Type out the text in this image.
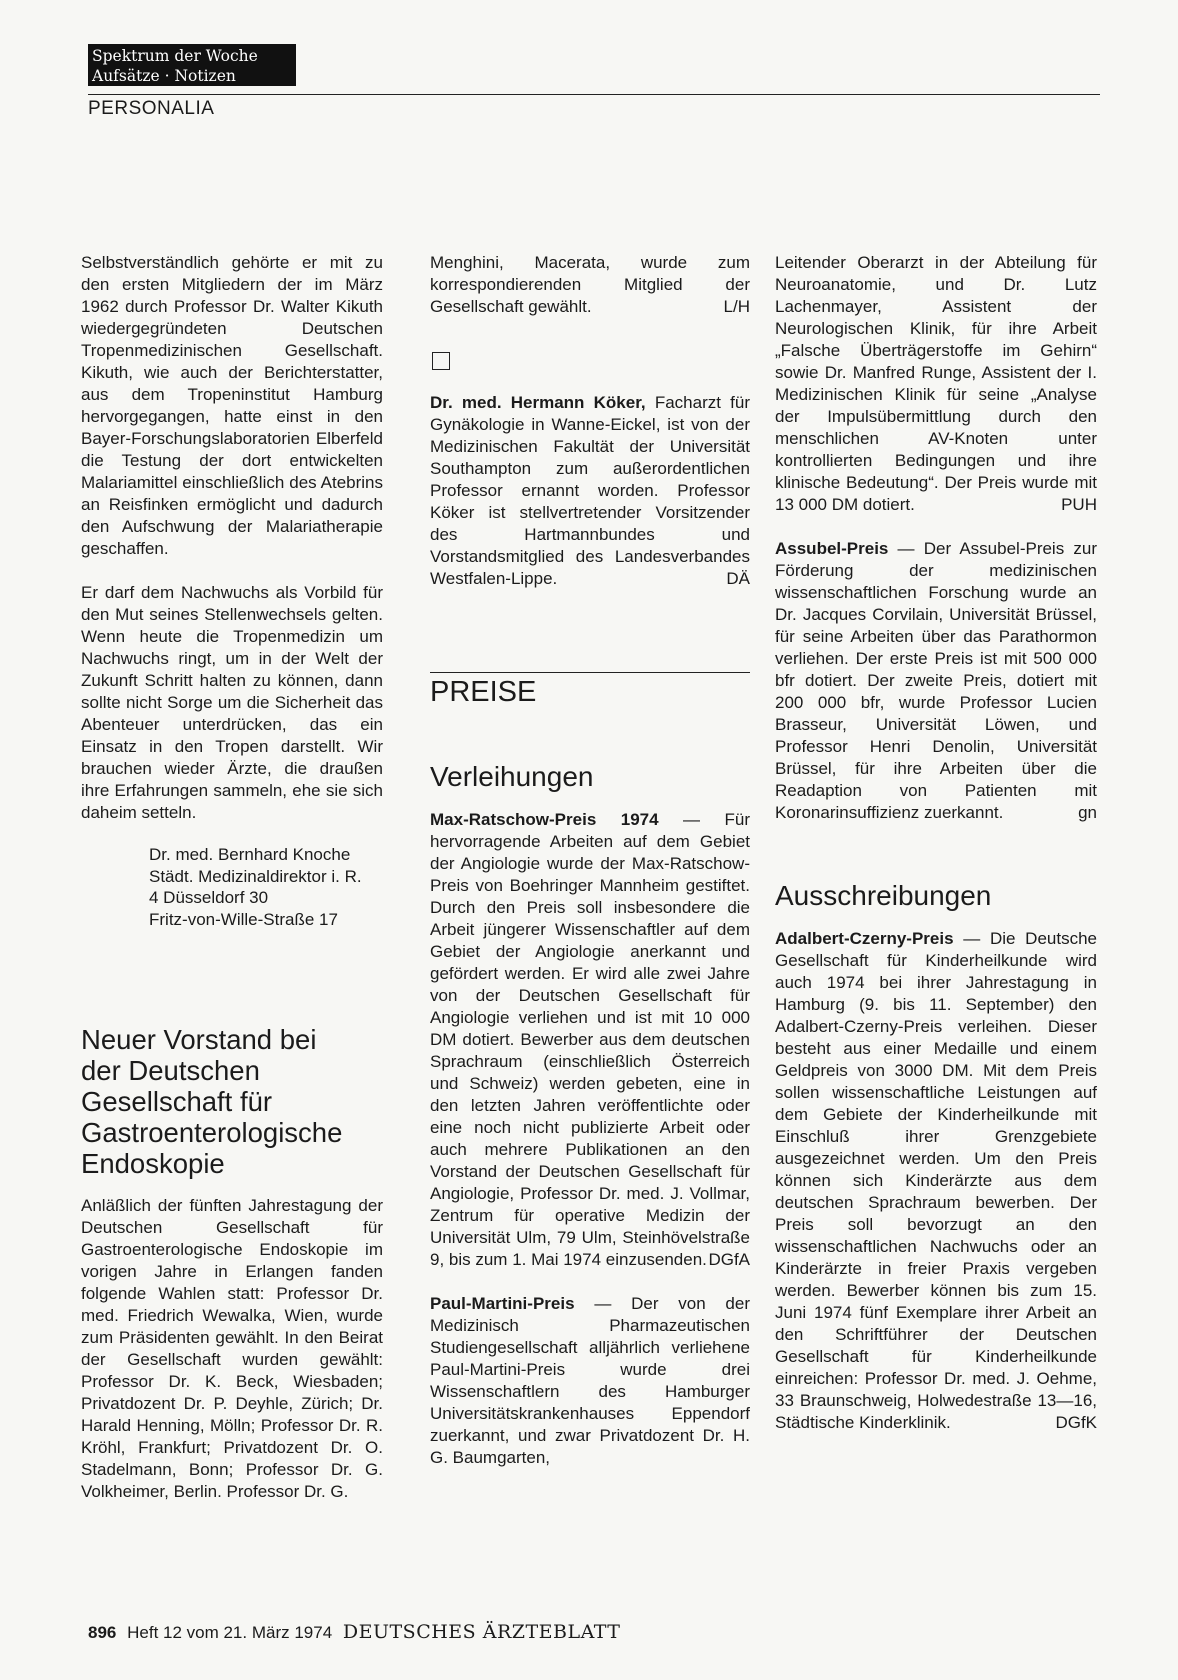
Spektrum der Woche
Aufsätze · Notizen
PERSONALIA

Selbstverständlich gehörte er mit zu den ersten Mitgliedern der im März 1962 durch Professor Dr. Walter Kikuth wiedergegründeten Deutschen Tropenmedizinischen Gesellschaft. Kikuth, wie auch der Berichterstatter, aus dem Tropeninstitut Hamburg hervorgegangen, hatte einst in den Bayer-Forschungslaboratorien Elberfeld die Testung der dort entwickelten Malariamittel einschließlich des Atebrins an Reisfinken ermöglicht und dadurch den Aufschwung der Malariatherapie geschaffen.

Er darf dem Nachwuchs als Vorbild für den Mut seines Stellenwechsels gelten. Wenn heute die Tropenmedizin um Nachwuchs ringt, um in der Welt der Zukunft Schritt halten zu können, dann sollte nicht Sorge um die Sicherheit das Abenteuer unterdrücken, das ein Einsatz in den Tropen darstellt. Wir brauchen wieder Ärzte, die draußen ihre Erfahrungen sammeln, ehe sie sich daheim setteln.

Dr. med. Bernhard Knoche
Städt. Medizinaldirektor i. R.
4 Düsseldorf 30
Fritz-von-Wille-Straße 17
Neuer Vorstand bei
der Deutschen
Gesellschaft für
Gastroenterologische
Endoskopie

Anläßlich der fünften Jahrestagung der Deutschen Gesellschaft für Gastroenterologische Endoskopie im vorigen Jahre in Erlangen fanden folgende Wahlen statt: Professor Dr. med. Friedrich Wewalka, Wien, wurde zum Präsidenten gewählt. In den Beirat der Gesellschaft wurden gewählt: Professor Dr. K. Beck, Wiesbaden; Privatdozent Dr. P. Deyhle, Zürich; Dr. Harald Henning, Mölln; Professor Dr. R. Kröhl, Frankfurt; Privatdozent Dr. O. Stadelmann, Bonn; Professor Dr. G. Volkheimer, Berlin. Professor Dr. G.

Menghini, Macerata, wurde zum korrespondierenden Mitglied der Gesellschaft gewählt.	L/H

Dr. med. Hermann Köker, Facharzt für Gynäkologie in Wanne-Eickel, ist von der Medizinischen Fakultät der Universität Southampton zum außerordentlichen Professor ernannt worden. Professor Köker ist stellvertretender Vorsitzender des Hartmannbundes und Vorstandsmitglied des Landesverbandes Westfalen-Lippe.	DÄ

PREISE
Verleihungen

Max-Ratschow-Preis 1974 — Für hervorragende Arbeiten auf dem Gebiet der Angiologie wurde der Max-Ratschow-Preis von Boehringer Mannheim gestiftet. Durch den Preis soll insbesondere die Arbeit jüngerer Wissenschaftler auf dem Gebiet der Angiologie anerkannt und gefördert werden. Er wird alle zwei Jahre von der Deutschen Gesellschaft für Angiologie verliehen und ist mit 10 000 DM dotiert. Bewerber aus dem deutschen Sprachraum (einschließlich Österreich und Schweiz) werden gebeten, eine in den letzten Jahren veröffentlichte oder eine noch nicht publizierte Arbeit oder auch mehrere Publikationen an den Vorstand der Deutschen Gesellschaft für Angiologie, Professor Dr. med. J. Vollmar, Zentrum für operative Medizin der Universität Ulm, 79 Ulm, Steinhövelstraße 9, bis zum 1. Mai 1974 einzusenden. DGfA

Paul-Martini-Preis — Der von der Medizinisch Pharmazeutischen Studiengesellschaft alljährlich verliehene Paul-Martini-Preis wurde drei Wissenschaftlern des Hamburger Universitätskrankenhauses Eppendorf zuerkannt, und zwar Privatdozent Dr. H. G. Baumgarten,

Leitender Oberarzt in der Abteilung für Neuroanatomie, und Dr. Lutz Lachenmayer, Assistent der Neurologischen Klinik, für ihre Arbeit „Falsche Überträgerstoffe im Gehirn“ sowie Dr. Manfred Runge, Assistent der I. Medizinischen Klinik für seine „Analyse der Impulsübermittlung durch den menschlichen AV-Knoten unter kontrollierten Bedingungen und ihre klinische Bedeutung“. Der Preis wurde mit 13 000 DM dotiert.	PUH

Assubel-Preis — Der Assubel-Preis zur Förderung der medizinischen wissenschaftlichen Forschung wurde an Dr. Jacques Corvilain, Universität Brüssel, für seine Arbeiten über das Parathormon verliehen. Der erste Preis ist mit 500 000 bfr dotiert. Der zweite Preis, dotiert mit 200 000 bfr, wurde Professor Lucien Brasseur, Universität Löwen, und Professor Henri Denolin, Universität Brüssel, für ihre Arbeiten über die Readaption von Patienten mit Koronarinsuffizienz zuerkannt.	gn

Ausschreibungen

Adalbert-Czerny-Preis — Die Deutsche Gesellschaft für Kinderheilkunde wird auch 1974 bei ihrer Jahrestagung in Hamburg (9. bis 11. September) den Adalbert-Czerny-Preis verleihen. Dieser besteht aus einer Medaille und einem Geldpreis von 3000 DM. Mit dem Preis sollen wissenschaftliche Leistungen auf dem Gebiete der Kinderheilkunde mit Einschluß ihrer Grenzgebiete ausgezeichnet werden. Um den Preis können sich Kinderärzte aus dem deutschen Sprachraum bewerben. Der Preis soll bevorzugt an den wissenschaftlichen Nachwuchs oder an Kinderärzte in freier Praxis vergeben werden. Bewerber können bis zum 15. Juni 1974 fünf Exemplare ihrer Arbeit an den Schriftführer der Deutschen Gesellschaft für Kinderheilkunde einreichen: Professor Dr. med. J. Oehme, 33 Braunschweig, Holwedestraße 13—16, Städtische Kinderklinik.	DGfK

896 Heft 12 vom 21. März 1974 DEUTSCHES ÄRZTEBLATT
